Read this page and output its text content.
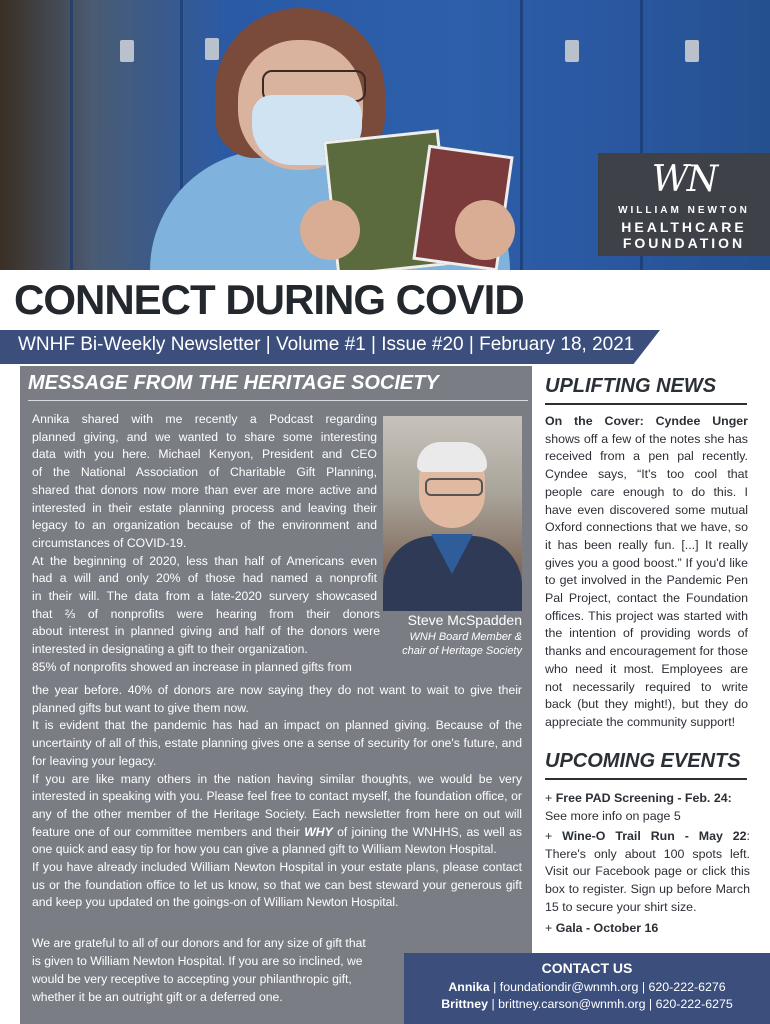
WN
WILLIAM NEWTON
HEALTHCARE
FOUNDATION
CONNECT DURING COVID
WNHF Bi-Weekly Newsletter | Volume #1 | Issue #20 | February 18, 2021
MESSAGE FROM THE HERITAGE SOCIETY
Annika shared with me recently a Podcast regarding
planned giving, and we wanted to share some interesting
data with you here. Michael Kenyon, President and CEO
of the National Association of Charitable Gift Planning,
shared that donors now more than ever are more active and
interested in their estate planning process and leaving their
legacy to an organization because of the environment and
circumstances of COVID-19.
At the beginning of 2020, less than half of Americans even
had a will and only 20% of those had named a nonprofit
in their will. The data from a late-2020 survery showcased
that ⅔ of nonprofits were hearing from their donors
about interest in planned giving and half of the donors were
interested in designating a gift to their organization.
85% of nonprofits showed an increase in planned gifts from
Steve McSpadden
WNH Board Member &
chair of Heritage Society

the year before. 40% of donors are now saying they do not want to wait to give their planned gifts but want to give them now.
It is evident that the pandemic has had an impact on planned giving. Because of the uncertainty of all of this, estate planning gives one a sense of security for one's future, and for leaving your legacy.
If you are like many others in the nation having similar thoughts, we would be very interested in speaking with you. Please feel free to contact myself, the foundation office, or any of the other member of the Heritage Society. Each newsletter from here on out will feature one of our committee members and their WHY of joining the WNHHS, as well as one quick and easy tip for how you can give a planned gift to William Newton Hospital.
If you have already included William Newton Hospital in your estate plans, please contact us or the foundation office to let us know, so that we can best steward your generous gift and keep you updated on the goings-on of William Newton Hospital.

We are grateful to all of our donors and for any size of gift that
is given to William Newton Hospital. If you are so inclined, we
would be very receptive to accepting your philanthropic gift,
whether it be an outright gift or a deferred one.
UPLIFTING NEWS

On the Cover: Cyndee Unger shows off a few of the notes she has received from a pen pal recently. Cyndee says, “It's too cool that people care enough to do this. I have even discovered some mutual Oxford connections that we have, so it has been really fun. [...] It really gives you a good boost.” If you'd like to get involved in the Pandemic Pen Pal Project, contact the Foundation offices. This project was started with the intention of providing words of thanks and encouragement for those who need it most. Employees are not necessarily required to write back (but they might!), but they do appreciate the community support!

UPCOMING EVENTS

+ Free PAD Screening - Feb. 24:
See more info on page 5

+ Wine-O Trail Run - May 22: There's only about 100 spots left. Visit our Facebook page or click this box to register. Sign up before March 15 to secure your shirt size.

+ Gala - October 16

CONTACT US
Annika | foundationdir@wnmh.org | 620-222-6276
Brittney | brittney.carson@wnmh.org | 620-222-6275
